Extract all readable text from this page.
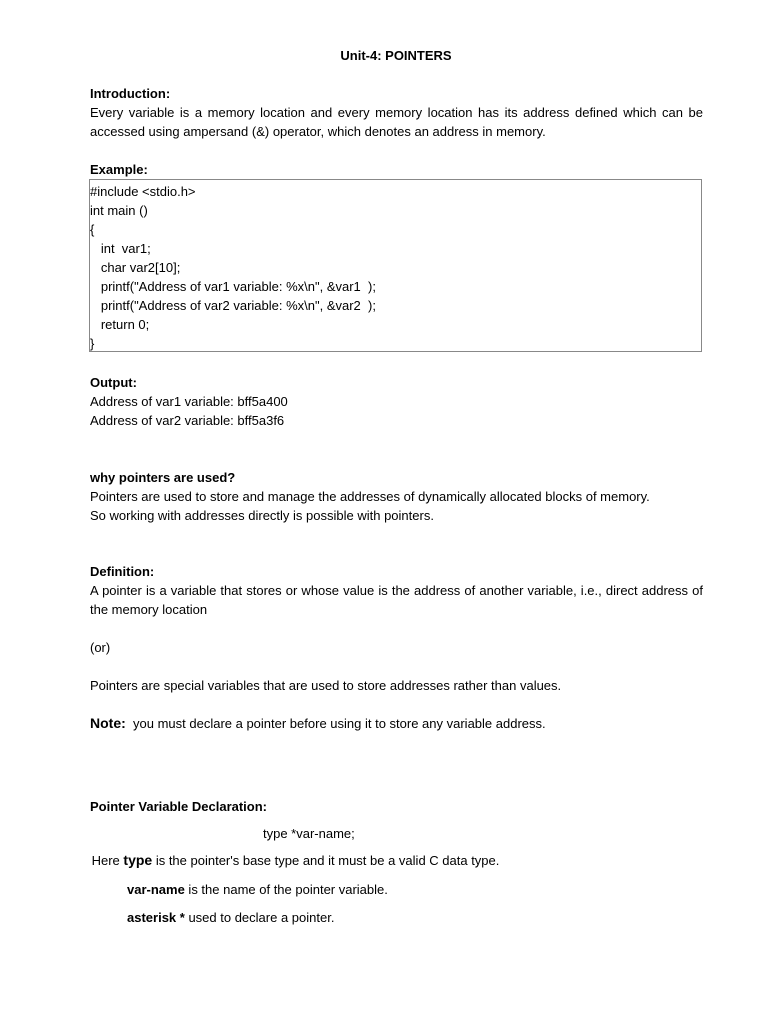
Unit-4: POINTERS
Introduction:

Every variable is a memory location and every memory location has its address defined which can be accessed using ampersand (&) operator, which denotes an address in memory.

Example:
#include <stdio.h>
int main ()
{
int  var1;
char var2[10];
printf("Address of var1 variable: %x\n", &var1  );
printf("Address of var2 variable: %x\n", &var2  );
return 0;
}
Output:

Address of var1 variable: bff5a400

Address of var2 variable: bff5a3f6

why pointers are used?

Pointers are used to store and manage the addresses of dynamically allocated blocks of memory.

So working with addresses directly is possible with pointers.

Definition:

A pointer is a variable that stores or whose value is the address of another variable, i.e., direct address of the memory location

(or)
Pointers are special variables that are used to store addresses rather than values.
Note:  you must declare a pointer before using it to store any variable address.
Pointer Variable Declaration:
type *var-name;
Here type is the pointer's base type and it must be a valid C data type.
var-name is the name of the pointer variable.
asterisk * used to declare a pointer.
